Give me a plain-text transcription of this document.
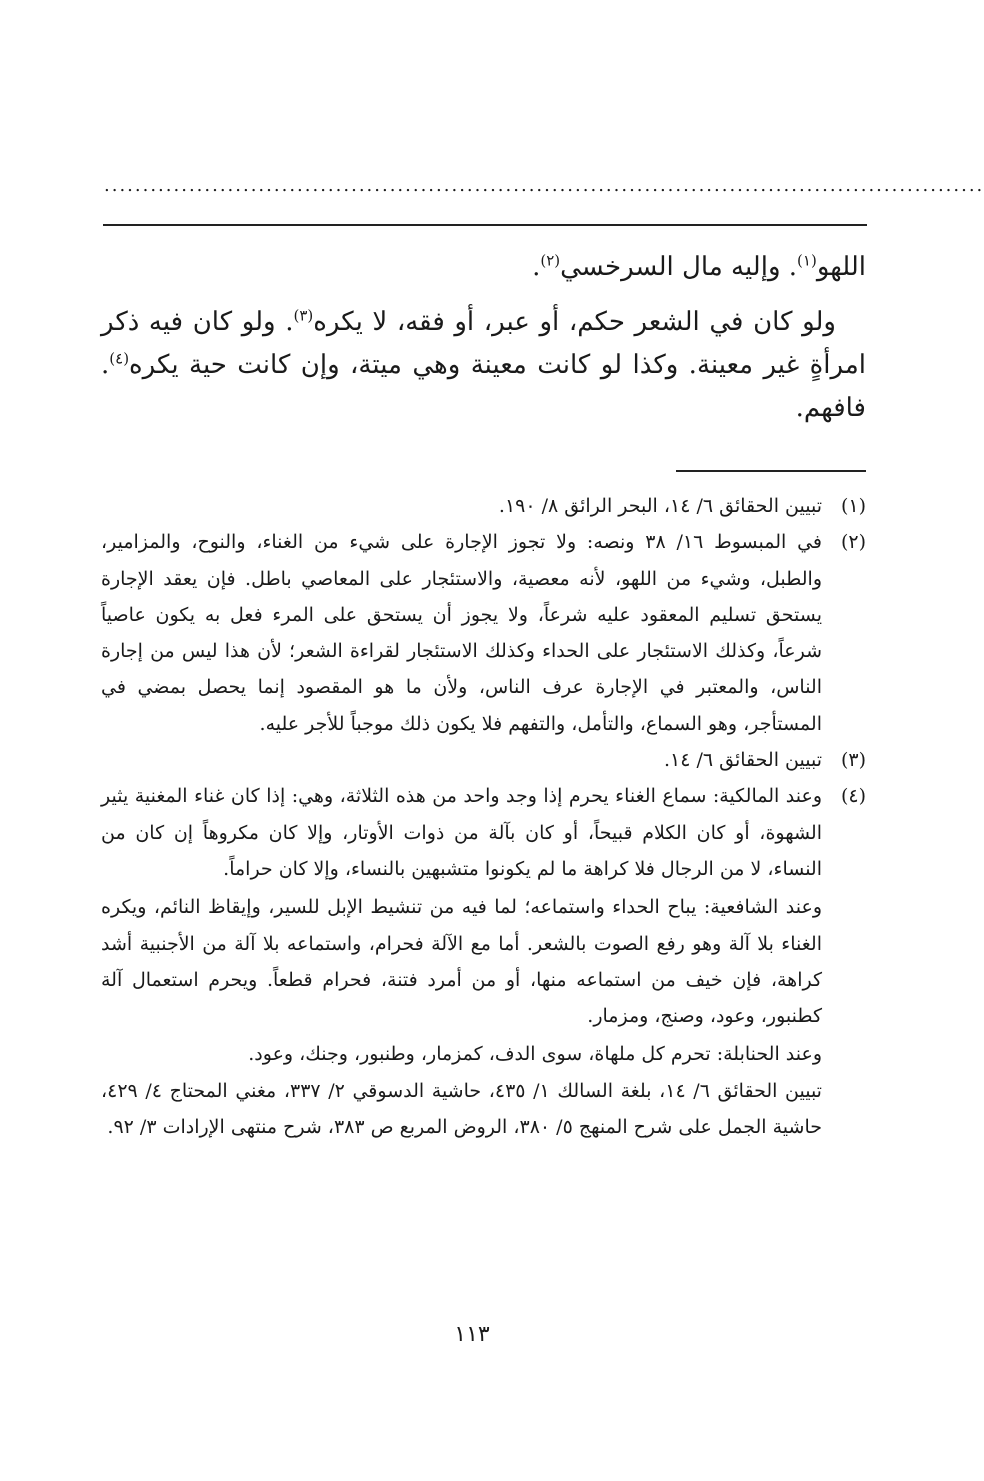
..................................................................................................................

اللهو$^{(١)}$. وإليه مال السرخسي$^{(٢)}$.

ولو كان في الشعر حكم، أو عبر، أو فقه، لا يكره$^{(٣)}$. ولو كان فيه ذكر امرأةٍ غير معينة. وكذا لو كانت معينة وهي ميتة، وإن كانت حية يكره$^{(٤)}$. فافهم.

(١)

تبيين الحقائق ٦/ ١٤، البحر الرائق ٨/ ١٩٠.

(٢)

في المبسوط ١٦/ ٣٨ ونصه: ولا تجوز الإجارة على شيء من الغناء، والنوح، والمزامير، والطبل، وشيء من اللهو، لأنه معصية، والاستئجار على المعاصي باطل. فإن يعقد الإجارة يستحق تسليم المعقود عليه شرعاً، ولا يجوز أن يستحق على المرء فعل به يكون عاصياً شرعاً، وكذلك الاستئجار على الحداء وكذلك الاستئجار لقراءة الشعر؛ لأن هذا ليس من إجارة الناس، والمعتبر في الإجارة عرف الناس، ولأن ما هو المقصود إنما يحصل بمضي في المستأجر، وهو السماع، والتأمل، والتفهم فلا يكون ذلك موجباً للأجر عليه.

(٣)

تبيين الحقائق ٦/ ١٤.

(٤)

وعند المالكية: سماع الغناء يحرم إذا وجد واحد من هذه الثلاثة، وهي: إذا كان غناء المغنية يثير الشهوة، أو كان الكلام قبيحاً، أو كان بآلة من ذوات الأوتار، وإلا كان مكروهاً إن كان من النساء، لا من الرجال فلا كراهة ما لم يكونوا متشبهين بالنساء، وإلا كان حراماً.

وعند الشافعية: يباح الحداء واستماعه؛ لما فيه من تنشيط الإبل للسير، وإيقاظ النائم، ويكره الغناء بلا آلة وهو رفع الصوت بالشعر. أما مع الآلة فحرام، واستماعه بلا آلة من الأجنبية أشد كراهة، فإن خيف من استماعه منها، أو من أمرد فتنة، فحرام قطعاً. ويحرم استعمال آلة كطنبور، وعود، وصنج، ومزمار.

وعند الحنابلة: تحرم كل ملهاة، سوى الدف، كمزمار، وطنبور، وجنك، وعود.

تبيين الحقائق ٦/ ١٤، بلغة السالك ١/ ٤٣٥، حاشية الدسوقي ٢/ ٣٣٧، مغني المحتاج ٤/ ٤٢٩، حاشية الجمل على شرح المنهج ٥/ ٣٨٠، الروض المربع ص ٣٨٣، شرح منتهى الإرادات ٣/ ٩٢.

١١٣
